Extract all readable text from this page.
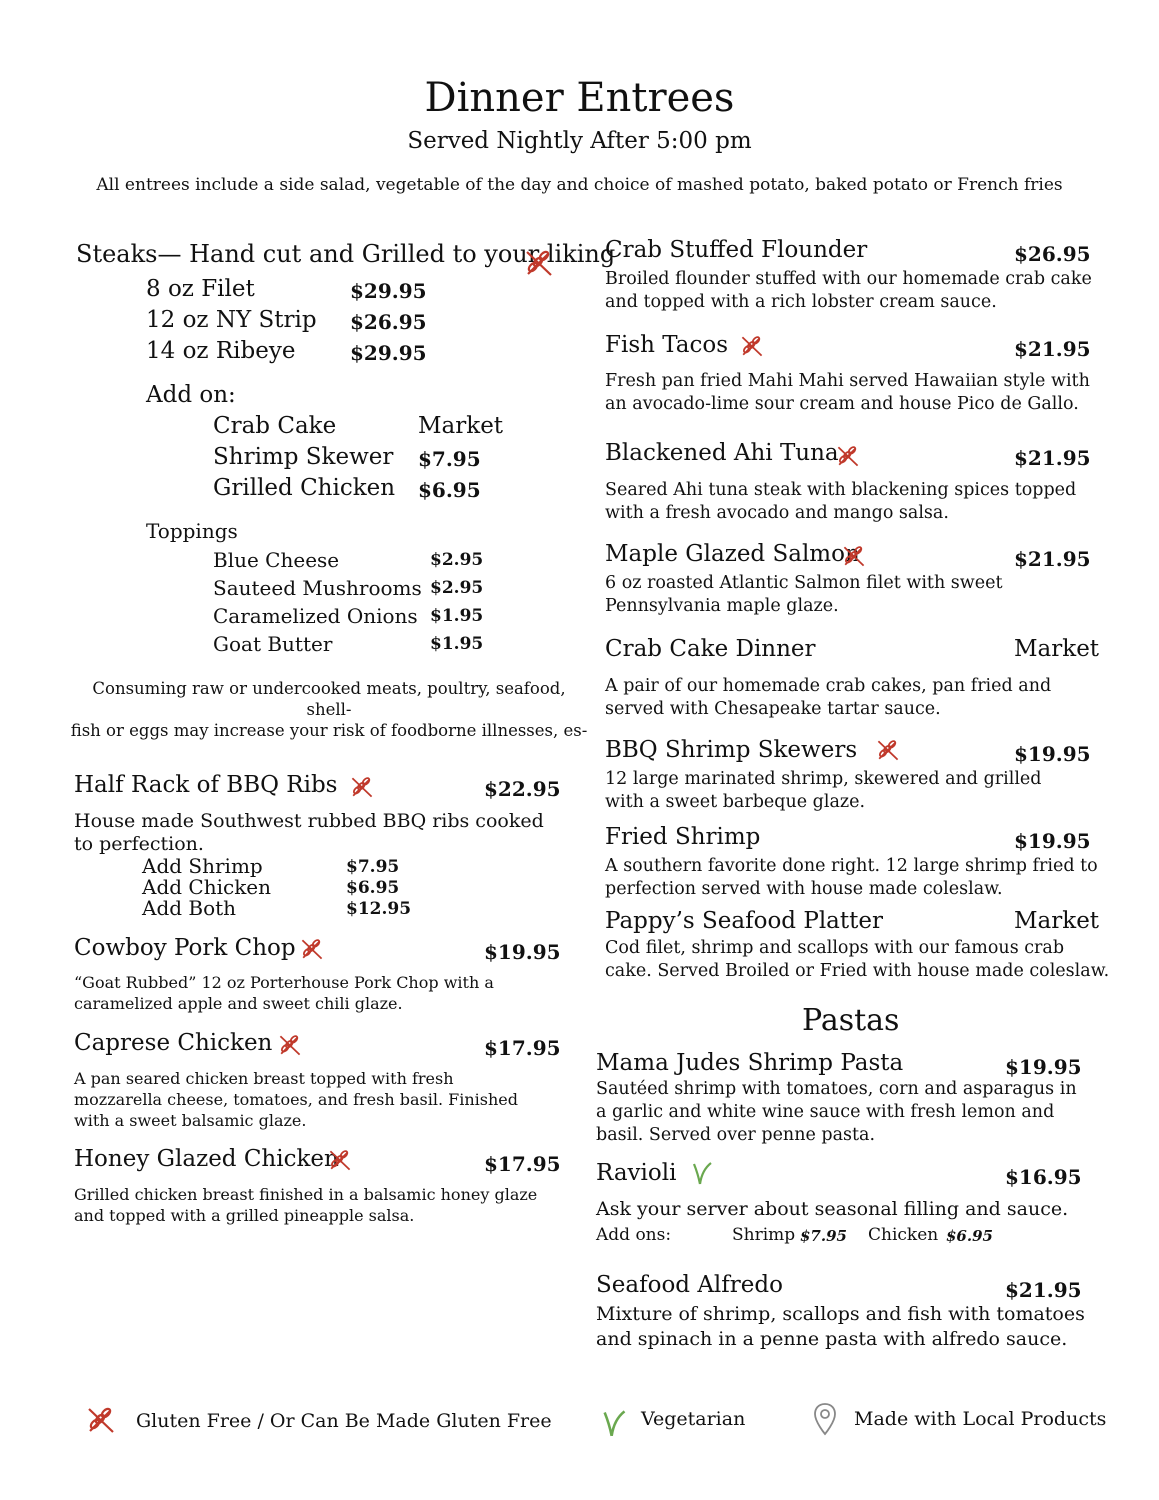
Dinner Entrees
Served Nightly After 5:00 pm
All entrees include a side salad, vegetable of the day and choice of mashed potato, baked potato or French fries
Steaks— Hand cut and Grilled to your liking
8 oz Filet	$29.95
12 oz NY Strip $26.95
14 oz Ribeye	$29.95
Add on:
Crab Cake	Market
Shrimp Skewer $7.95
Grilled Chicken $6.95
Toppings
Blue Cheese	$2.95
Sauteed Mushrooms $2.95
Caramelized Onions $1.95
Goat Butter	$1.95
Consuming raw or undercooked meats, poultry, seafood, shell-
fish or eggs may increase your risk of foodborne illnesses, es-
Half Rack of BBQ Ribs	$22.95
House made Southwest rubbed BBQ ribs cooked to perfection.
Add Shrimp	$7.95
Add Chicken	$6.95
Add Both	$12.95
Cowboy Pork Chop	$19.95
“Goat Rubbed” 12 oz Porterhouse Pork Chop with a caramelized apple and sweet chili glaze.
Caprese Chicken	$17.95
A pan seared chicken breast topped with fresh mozzarella cheese, tomatoes, and fresh basil. Finished with a sweet balsamic glaze.
Honey Glazed Chicken	$17.95
Grilled chicken breast finished in a balsamic honey glaze and topped with a grilled pineapple salsa.
Crab Stuffed Flounder	$26.95
Broiled flounder stuffed with our homemade crab cake and topped with a rich lobster cream sauce.
Fish Tacos	$21.95
Fresh pan fried Mahi Mahi served Hawaiian style with an avocado-lime sour cream and house Pico de Gallo.
Blackened Ahi Tuna	$21.95
Seared Ahi tuna steak with blackening spices topped with a fresh avocado and mango salsa.
Maple Glazed Salmon	$21.95
6 oz roasted Atlantic Salmon filet with sweet Pennsylvania maple glaze.
Crab Cake Dinner	Market
A pair of our homemade crab cakes, pan fried and served with Chesapeake tartar sauce.
BBQ Shrimp Skewers	$19.95
12 large marinated shrimp, skewered and grilled with a sweet barbeque glaze.
Fried Shrimp	$19.95
A southern favorite done right. 12 large shrimp fried to perfection served with house made coleslaw.
Pappy’s Seafood Platter	Market
Cod filet, shrimp and scallops with our famous crab cake. Served Broiled or Fried with house made coleslaw.
Pastas
Mama Judes Shrimp Pasta	$19.95
Sautéed shrimp with tomatoes, corn and asparagus in a garlic and white wine sauce with fresh lemon and basil. Served over penne pasta.
Ravioli	$16.95
Ask your server about seasonal filling and sauce.
Add ons:	Shrimp $7.95 Chicken $6.95
Seafood Alfredo	$21.95
Mixture of shrimp, scallops and fish with tomatoes and spinach in a penne pasta with alfredo sauce.
Gluten Free / Or Can Be Made Gluten Free	Vegetarian	Made with Local Products
